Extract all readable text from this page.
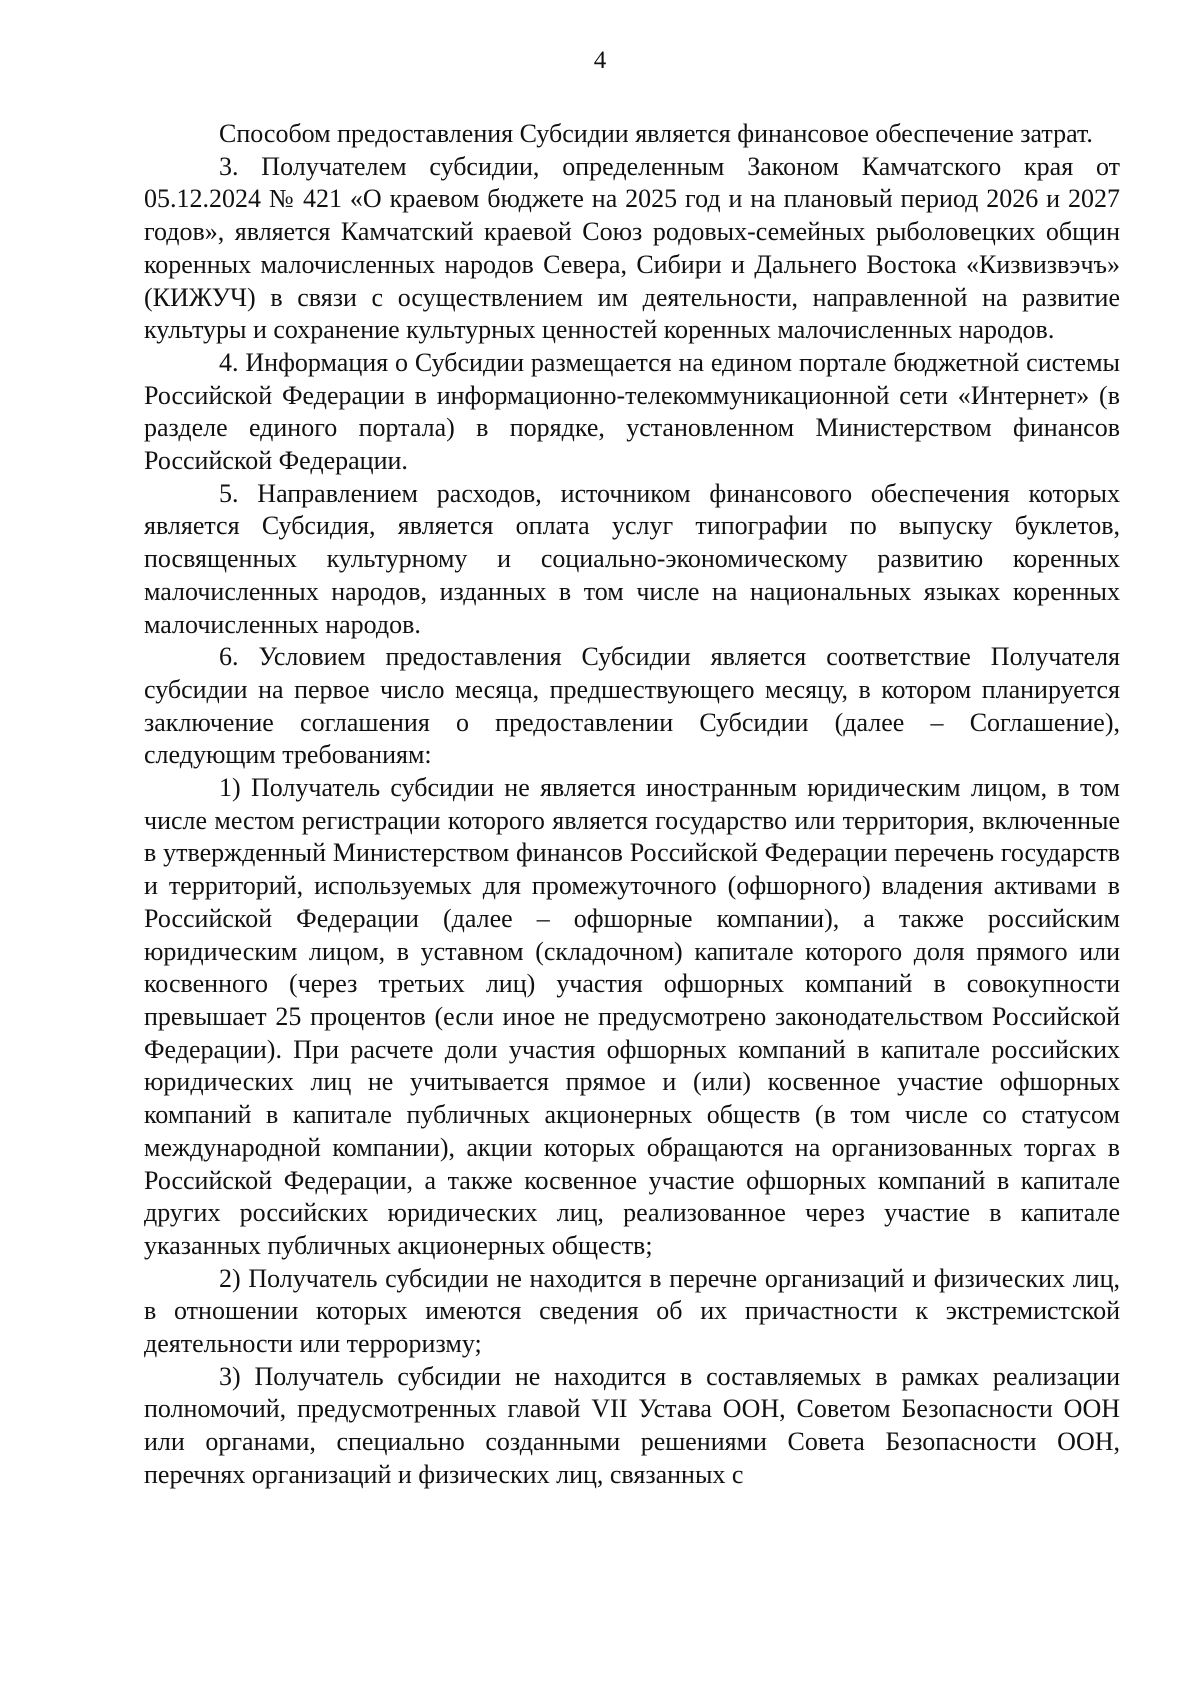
4

Способом предоставления Субсидии является финансовое обеспечение затрат.

3. Получателем субсидии, определенным Законом Камчатского края от 05.12.2024 № 421 «О краевом бюджете на 2025 год и на плановый период 2026 и 2027 годов», является Камчатский краевой Союз родовых-семейных рыболовецких общин коренных малочисленных народов Севера, Сибири и Дальнего Востока «Кизвизвэчъ» (КИЖУЧ) в связи с осуществлением им деятельности, направленной на развитие культуры и сохранение культурных ценностей коренных малочисленных народов.

4. Информация о Субсидии размещается на едином портале бюджетной системы Российской Федерации в информационно-телекоммуникационной сети «Интернет» (в разделе единого портала) в порядке, установленном Министерством финансов Российской Федерации.

5. Направлением расходов, источником финансового обеспечения которых является Субсидия, является оплата услуг типографии по выпуску буклетов, посвященных культурному и социально-экономическому развитию коренных малочисленных народов, изданных в том числе на национальных языках коренных малочисленных народов.

6. Условием предоставления Субсидии является соответствие Получателя субсидии на первое число месяца, предшествующего месяцу, в котором планируется заключение соглашения о предоставлении Субсидии (далее – Соглашение), следующим требованиям:

1) Получатель субсидии не является иностранным юридическим лицом, в том числе местом регистрации которого является государство или территория, включенные в утвержденный Министерством финансов Российской Федерации перечень государств и территорий, используемых для промежуточного (офшорного) владения активами в Российской Федерации (далее – офшорные компании), а также российским юридическим лицом, в уставном (складочном) капитале которого доля прямого или косвенного (через третьих лиц) участия офшорных компаний в совокупности превышает 25 процентов (если иное не предусмотрено законодательством Российской Федерации). При расчете доли участия офшорных компаний в капитале российских юридических лиц не учитывается прямое и (или) косвенное участие офшорных компаний в капитале публичных акционерных обществ (в том числе со статусом международной компании), акции которых обращаются на организованных торгах в Российской Федерации, а также косвенное участие офшорных компаний в капитале других российских юридических лиц, реализованное через участие в капитале указанных публичных акционерных обществ;

2) Получатель субсидии не находится в перечне организаций и физических лиц, в отношении которых имеются сведения об их причастности к экстремистской деятельности или терроризму;

3) Получатель субсидии не находится в составляемых в рамках реализации полномочий, предусмотренных главой VII Устава ООН, Советом Безопасности ООН или органами, специально созданными решениями Совета Безопасности ООН, перечнях организаций и физических лиц, связанных с
